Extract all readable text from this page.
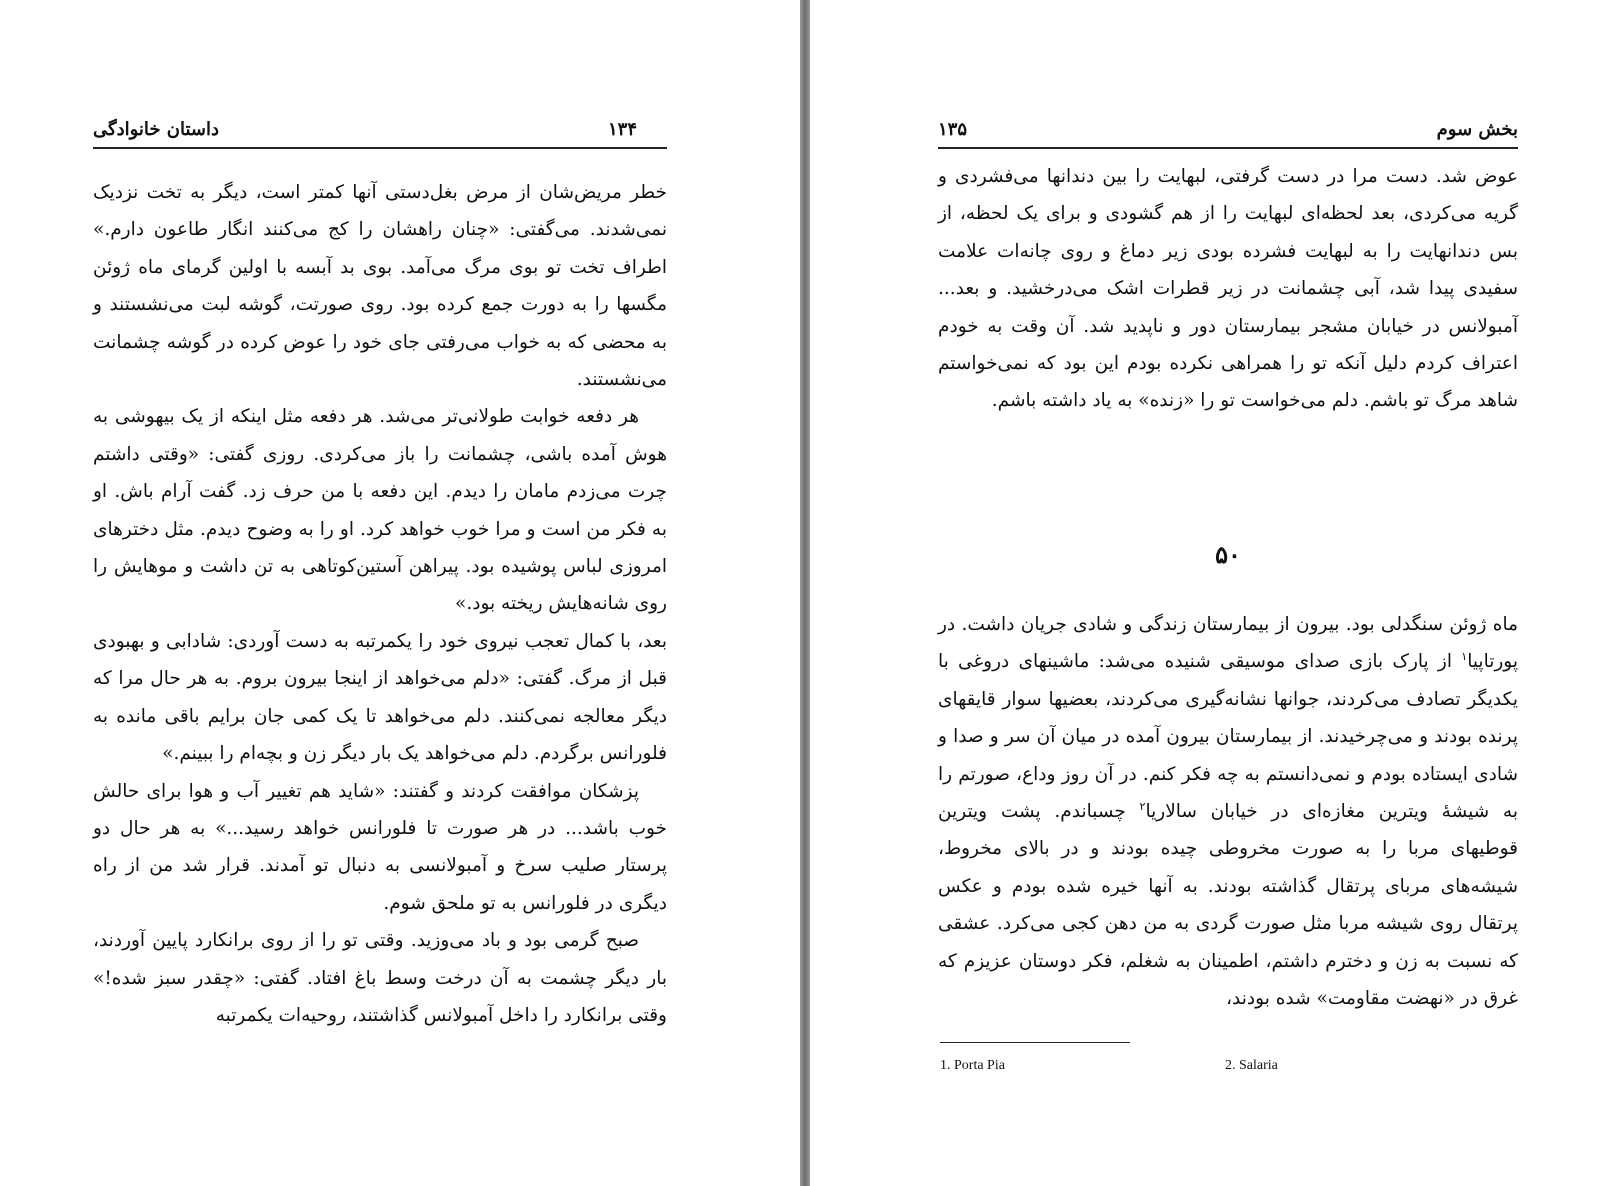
داستان خانوادگی	۱۳۴

خطر مریض‌شان از مرض بغل‌دستی آنها کمتر است، دیگر به تخت نزدیک نمی‌شدند. می‌گفتی: «چنان راهشان را کج می‌کنند انگار طاعون دارم.» اطراف تخت تو بوی مرگ می‌آمد. بوی بد آبسه با اولین گرمای ماه ژوئن مگسها را به دورت جمع کرده بود. روی صورتت، گوشه لبت می‌نشستند و به محضی که به خواب می‌رفتی جای خود را عوض کرده در گوشه چشمانت می‌نشستند.

هر دفعه خوابت طولانی‌تر می‌شد. هر دفعه مثل اینکه از یک بیهوشی به هوش آمده باشی، چشمانت را باز می‌کردی. روزی گفتی: «وقتی داشتم چرت می‌زدم مامان را دیدم. این دفعه با من حرف زد. گفت آرام باش. او به فکر من است و مرا خوب خواهد کرد. او را به وضوح دیدم. مثل دخترهای امروزی لباس پوشیده بود. پیراهن آستین‌کوتاهی به تن داشت و موهایش را روی شانه‌هایش ریخته بود.»

بعد، با کمال تعجب نیروی خود را یکمرتبه به دست آوردی: شادابی و بهبودی قبل از مرگ. گفتی: «دلم می‌خواهد از اینجا بیرون بروم. به هر حال مرا که دیگر معالجه نمی‌کنند. دلم می‌خواهد تا یک کمی جان برایم باقی مانده به فلورانس برگردم. دلم می‌خواهد یک بار دیگر زن و بچه‌ام را ببینم.»

پزشکان موافقت کردند و گفتند: «شاید هم تغییر آب و هوا برای حالش خوب باشد... در هر صورت تا فلورانس خواهد رسید...» به هر حال دو پرستار صلیب سرخ و آمبولانسی به دنبال تو آمدند. قرار شد من از راه دیگری در فلورانس به تو ملحق شوم.

صبح گرمی بود و باد می‌وزید. وقتی تو را از روی برانکارد پایین آوردند، بار دیگر چشمت به آن درخت وسط باغ افتاد. گفتی: «چقدر سبز شده!» وقتی برانکارد را داخل آمبولانس گذاشتند، روحیه‌ات یکمرتبه

بخش سوم
۱۳۵

عوض شد. دست مرا در دست گرفتی، لبهایت را بین دندانها می‌فشردی و گریه می‌کردی، بعد لحظه‌ای لبهایت را از هم گشودی و برای یک لحظه، از بس دندانهایت را به لبهایت فشرده بودی زیر دماغ و روی چانه‌ات علامت سفیدی پیدا شد، آبی چشمانت در زیر قطرات اشک می‌درخشید. و بعد... آمبولانس در خیابان مشجر بیمارستان دور و ناپدید شد. آن وقت به خودم اعتراف کردم دلیل آنکه تو را همراهی نکرده بودم این بود که نمی‌خواستم شاهد مرگ تو باشم. دلم می‌خواست تو را «زنده» به یاد داشته باشم.

۵۰

ماه ژوئن سنگدلی بود. بیرون از بیمارستان زندگی و شادی جریان داشت. در پورتاپیا$^۱$ از پارک بازی صدای موسیقی شنیده می‌شد: ماشینهای دروغی با یکدیگر تصادف می‌کردند، جوانها نشانه‌گیری می‌کردند، بعضیها سوار قایقهای پرنده بودند و می‌چرخیدند. از بیمارستان بیرون آمده در میان آن سر و صدا و شادی ایستاده بودم و نمی‌دانستم به چه فکر کنم. در آن روز وداع، صورتم را به شیشهٔ ویترین مغازه‌ای در خیابان سالاریا$^۲$ چسباندم. پشت ویترین قوطیهای مربا را به صورت مخروطی چیده بودند و در بالای مخروط، شیشه‌های مربای پرتقال گذاشته بودند. به آنها خیره شده بودم و عکس پرتقال روی شیشه مربا مثل صورت گردی به من دهن کجی می‌کرد. عشقی که نسبت به زن و دخترم داشتم، اطمینان به شغلم، فکر دوستان عزیزم که غرق در «نهضت مقاومت» شده بودند،

1. Porta Pia	2. Salaria
